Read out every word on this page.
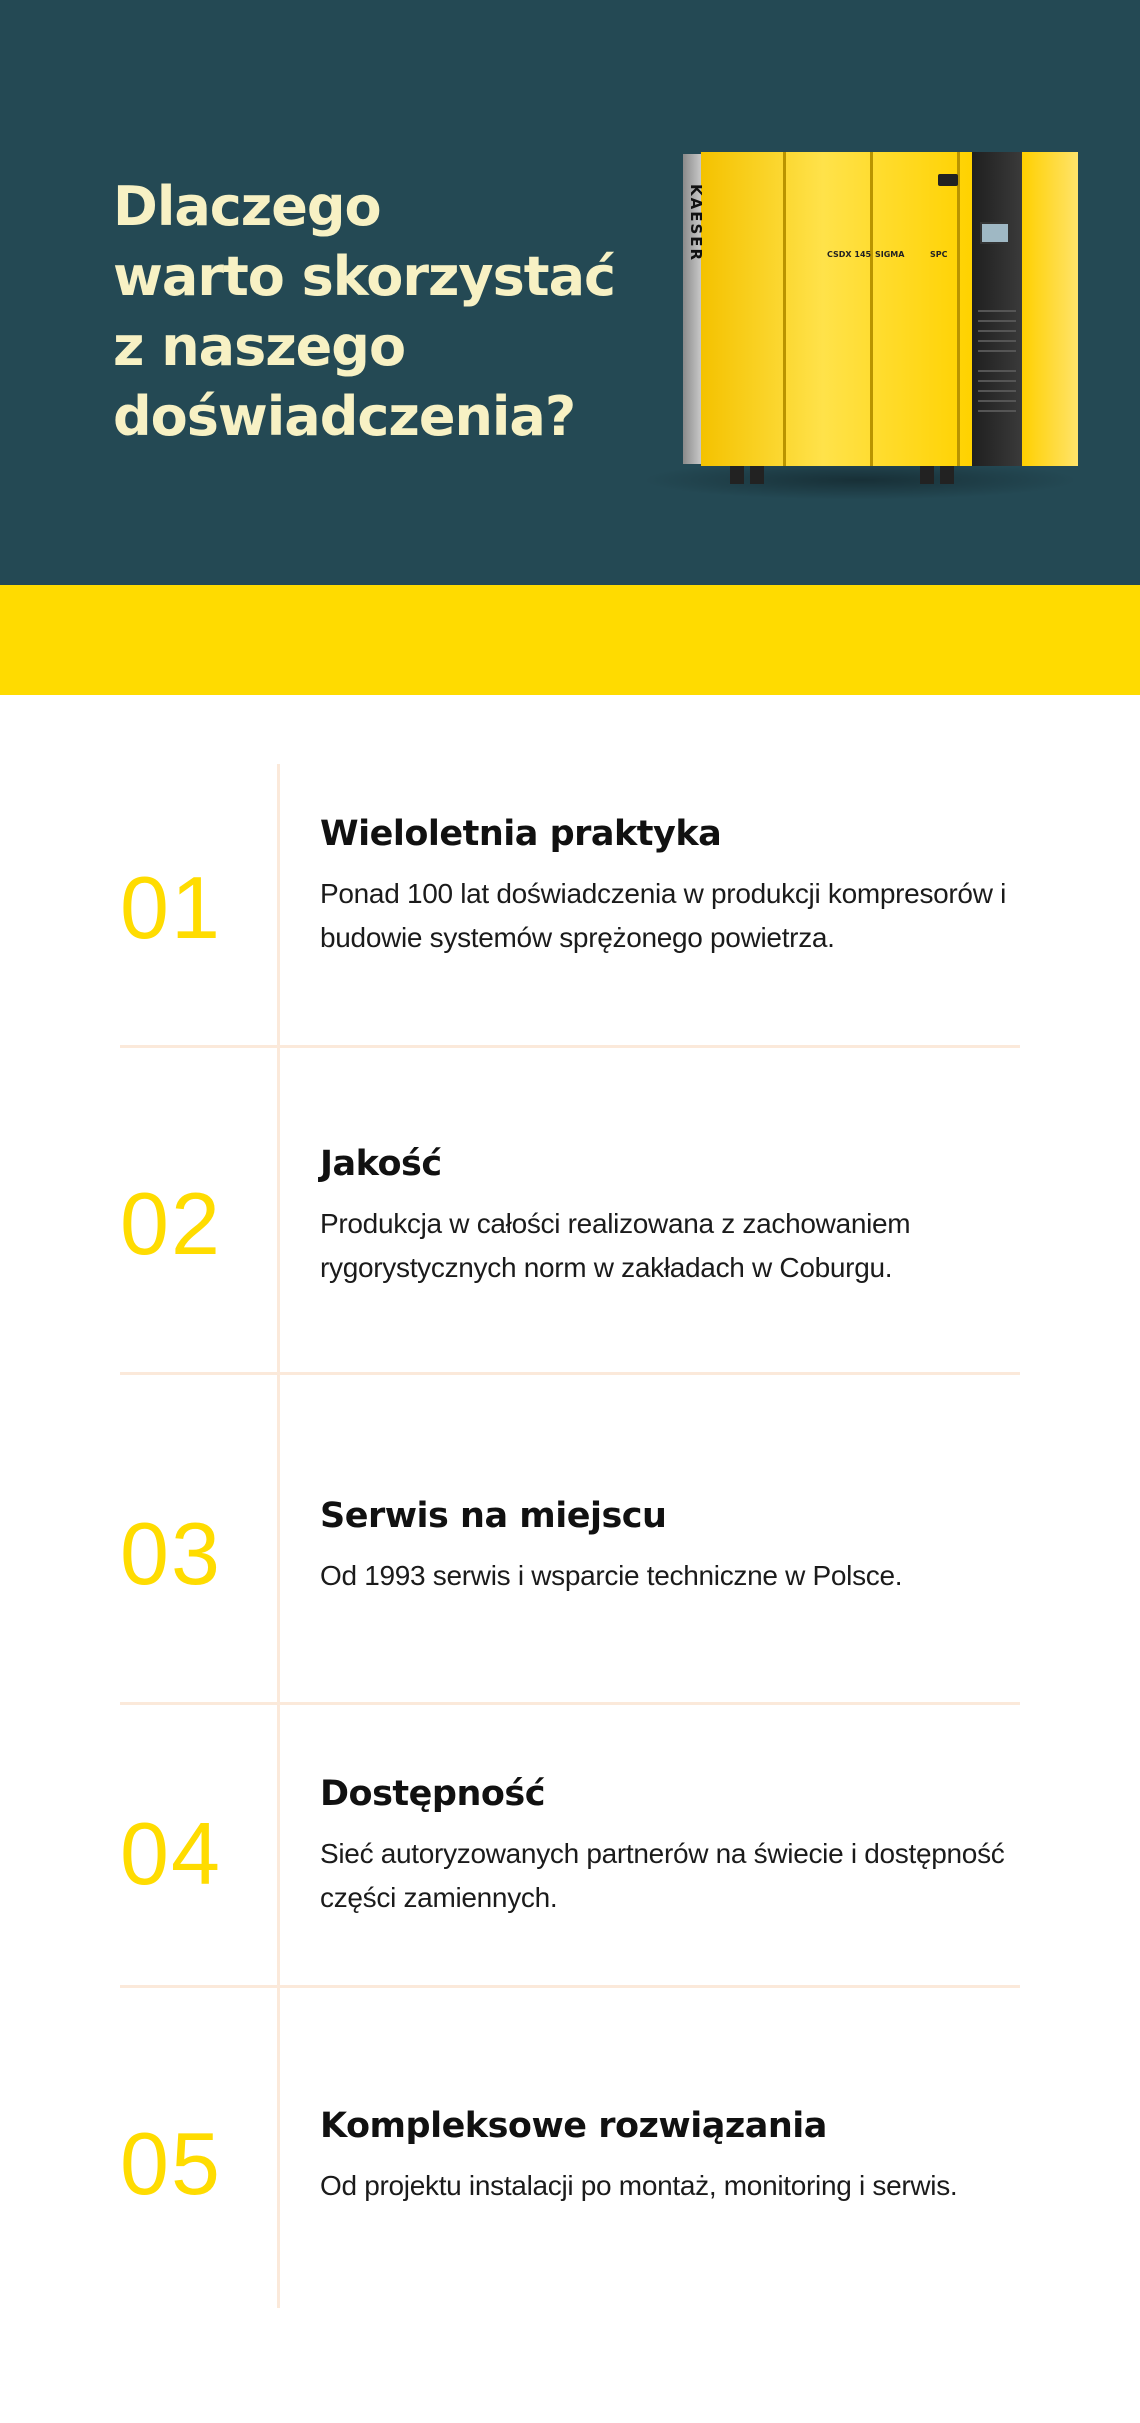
Dlaczego
warto skorzystać
z naszego
doświadczenia?
KAESER	CSDX 145 SIGMA	SPC
01
Wieloletnia praktyka

Ponad 100 lat doświadczenia w produkcji kompresorów i budowie systemów sprężonego powietrza.

02
Jakość

Produkcja w całości realizowana z zachowaniem rygorystycznych norm w zakładach w Coburgu.

03	Serwis na miejscu

Od 1993 serwis i wsparcie techniczne w Polsce.

04
Dostępność

Sieć autoryzowanych partnerów na świecie i dostępność części zamiennych.

05	Kompleksowe rozwiązania

Od projektu instalacji po montaż, monitoring i serwis.
